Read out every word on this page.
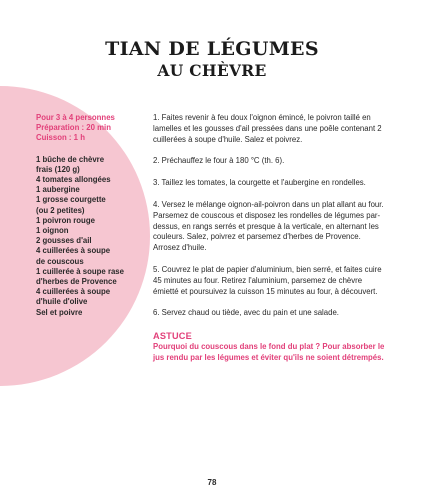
TIAN DE LÉGUMES
AU CHÈVRE
Pour 3 à 4 personnes
Préparation : 20 min
Cuisson : 1 h
1 bûche de chèvre
frais (120 g)
4 tomates allongées
1 aubergine
1 grosse courgette
(ou 2 petites)
1 poivron rouge
1 oignon
2 gousses d'ail
4 cuillerées à soupe
de couscous
1 cuillerée à soupe rase
d'herbes de Provence
4 cuillerées à soupe
d'huile d'olive
Sel et poivre

1. Faites revenir à feu doux l'oignon émincé, le poivron taillé en lamelles et les gousses d'ail pressées dans une poêle contenant 2 cuillerées à soupe d'huile. Salez et poivrez.

2. Préchauffez le four à 180 °C (th. 6).

3. Taillez les tomates, la courgette et l'aubergine en rondelles.

4. Versez le mélange oignon-ail-poivron dans un plat allant au four. Parsemez de couscous et disposez les rondelles de légumes par-dessus, en rangs serrés et presque à la verticale, en alternant les couleurs. Salez, poivrez et parsemez d'herbes de Provence. Arrosez d'huile.

5. Couvrez le plat de papier d'aluminium, bien serré, et faites cuire 45 minutes au four. Retirez l'aluminium, parsemez de chèvre émietté et poursuivez la cuisson 15 minutes au four, à découvert.

6. Servez chaud ou tiède, avec du pain et une salade.

ASTUCE
Pourquoi du couscous dans le fond du plat ? Pour absorber le jus rendu par les légumes et éviter qu'ils ne soient détrempés.
78
